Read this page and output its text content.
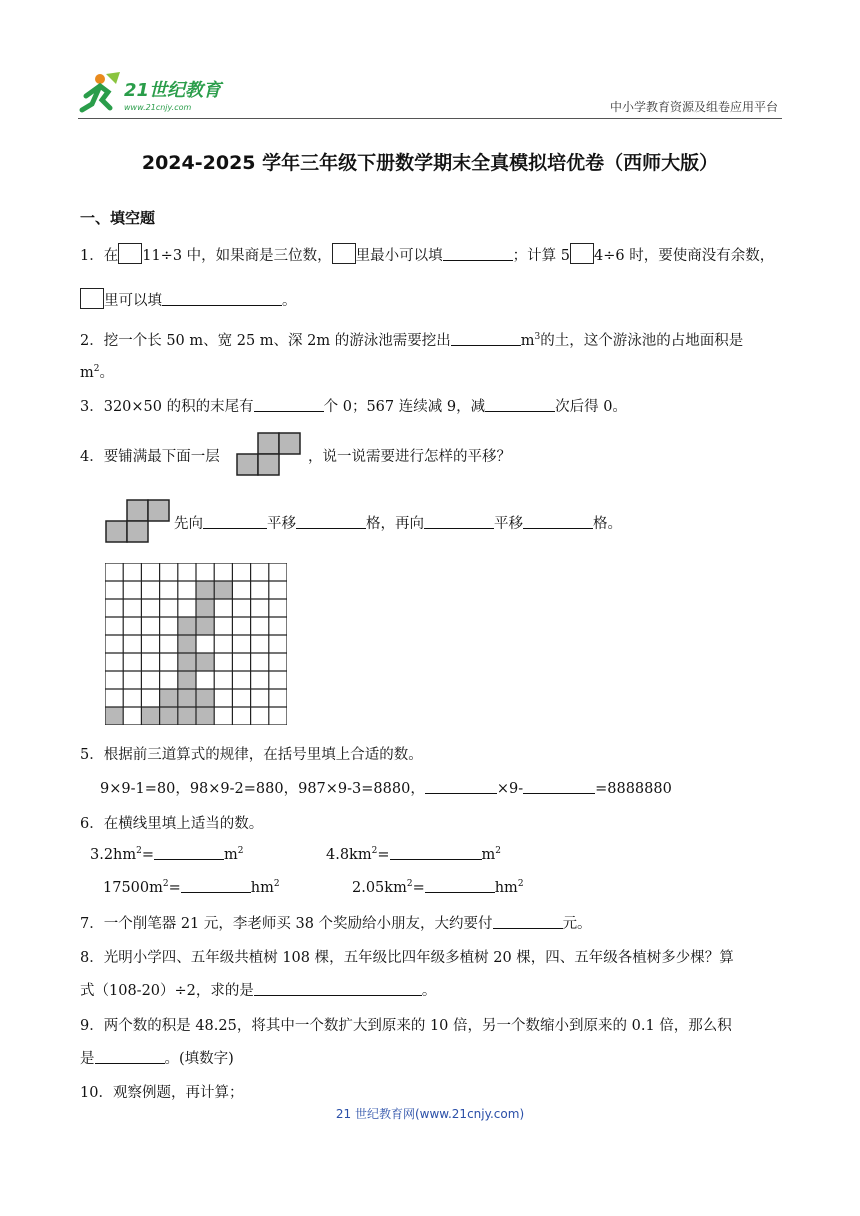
21世纪教育
www.21cnjy.com	中小学教育资源及组卷应用平台
2024-2025 学年三年级下册数学期末全真模拟培优卷（西师大版）
一、填空题
1．在 11÷3 中，如果商是三位数， 里最小可以填	；计算 5 4÷6 时，要使商没有余数，
里可以填	。
2．挖一个长 50 m、宽 25 m、深 2m 的游泳池需要挖出	$m^3$的土，这个游泳池的占地面积是
$m^2$。
3．320×50 的积的末尾有	个 0；567 连续减 9，减	次后得 0。
4．要铺满最下面一层	，说一说需要进行怎样的平移？
先向	平移	格，再向	平移	格。
5．根据前三道算式的规律，在括号里填上合适的数。
9×9-1=80，98×9-2=880，987×9-3=8880，	×9-	=8888880
6．在横线里填上适当的数。
$3.2hm^2=$	$m^2$	$4.8km^2=$	$m^2$
$17500m^2=$	$hm^2$	$2.05km^2=$	$hm^2$
7．一个削笔器 21 元，李老师买 38 个奖励给小朋友，大约要付	元。
8．光明小学四、五年级共植树 108 棵，五年级比四年级多植树 20 棵，四、五年级各植树多少棵？算
式（108-20）÷2，求的是	。
9．两个数的积是 48.25，将其中一个数扩大到原来的 10 倍，另一个数缩小到原来的 0.1 倍，那么积
是	。(填数字)
10．观察例题，再计算；
21 世纪教育网(www.21cnjy.com)
